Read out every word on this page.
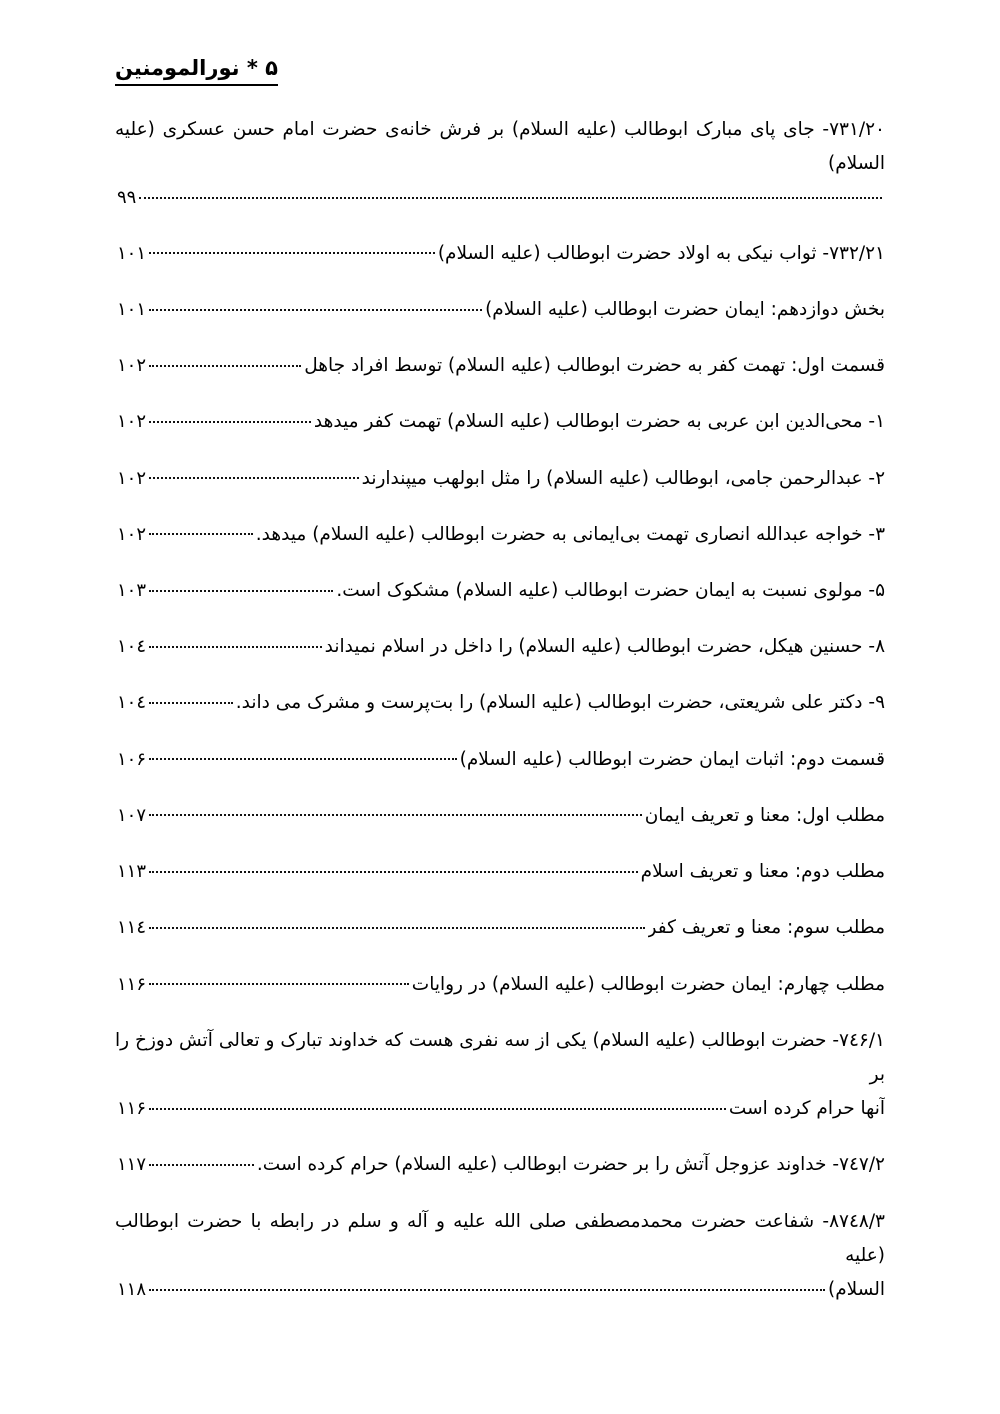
۵ * نورالمومنین
۷۳۱/۲۰- جای پای مبارک ابوطالب (علیه السلام) بر فرش خانه‌ی حضرت امام حسن عسکری (علیه السلام)
۹۹
۷۳۲/۲۱- ثواب نیکی به اولاد حضرت ابوطالب (علیه السلام)
۱۰۱
بخش دوازدهم: ایمان حضرت ابوطالب (علیه السلام)
۱۰۱
قسمت اول: تهمت کفر به حضرت ابوطالب (علیه السلام) توسط افراد جاهل
۱۰۲
۱- محی‌الدین ابن عربی به حضرت ابوطالب (علیه السلام) تهمت کفر میدهد
۱۰۲
۲- عبدالرحمن جامی، ابوطالب (علیه السلام) را مثل ابولهب میپندارند
۱۰۲
۳- خواجه عبدالله انصاری تهمت بی‌ایمانی به حضرت ابوطالب (علیه السلام) میدهد.
۱۰۲
۵- مولوی نسبت به ایمان حضرت ابوطالب (علیه السلام) مشکوک است.
۱۰۳
۸- حسنین هیکل، حضرت ابوطالب (علیه السلام) را داخل در اسلام نمیداند
۱۰٤
۹- دکتر علی شریعتی، حضرت ابوطالب (علیه السلام) را بت‌پرست و مشرک می داند.
۱۰٤
قسمت دوم: اثبات ایمان حضرت ابوطالب (علیه السلام)
۱۰۶
مطلب اول: معنا و تعریف ایمان
۱۰۷
مطلب دوم: معنا و تعریف اسلام
۱۱۳
مطلب سوم: معنا و تعریف کفر
۱۱٤
مطلب چهارم: ایمان حضرت ابوطالب (علیه السلام) در روایات
۱۱۶
۷٤۶/۱- حضرت ابوطالب (علیه السلام) یکی از سه نفری هست که خداوند تبارک و تعالی آتش دوزخ را بر
آنها حرام کرده است
۱۱۶
۷٤۷/۲- خداوند عزوجل آتش را بر حضرت ابوطالب (علیه السلام) حرام کرده است.
۱۱۷
۸۷٤۸/۳- شفاعت حضرت محمدمصطفی صلی الله علیه و آله و سلم در رابطه با حضرت ابوطالب (علیه
السلام)
۱۱۸
